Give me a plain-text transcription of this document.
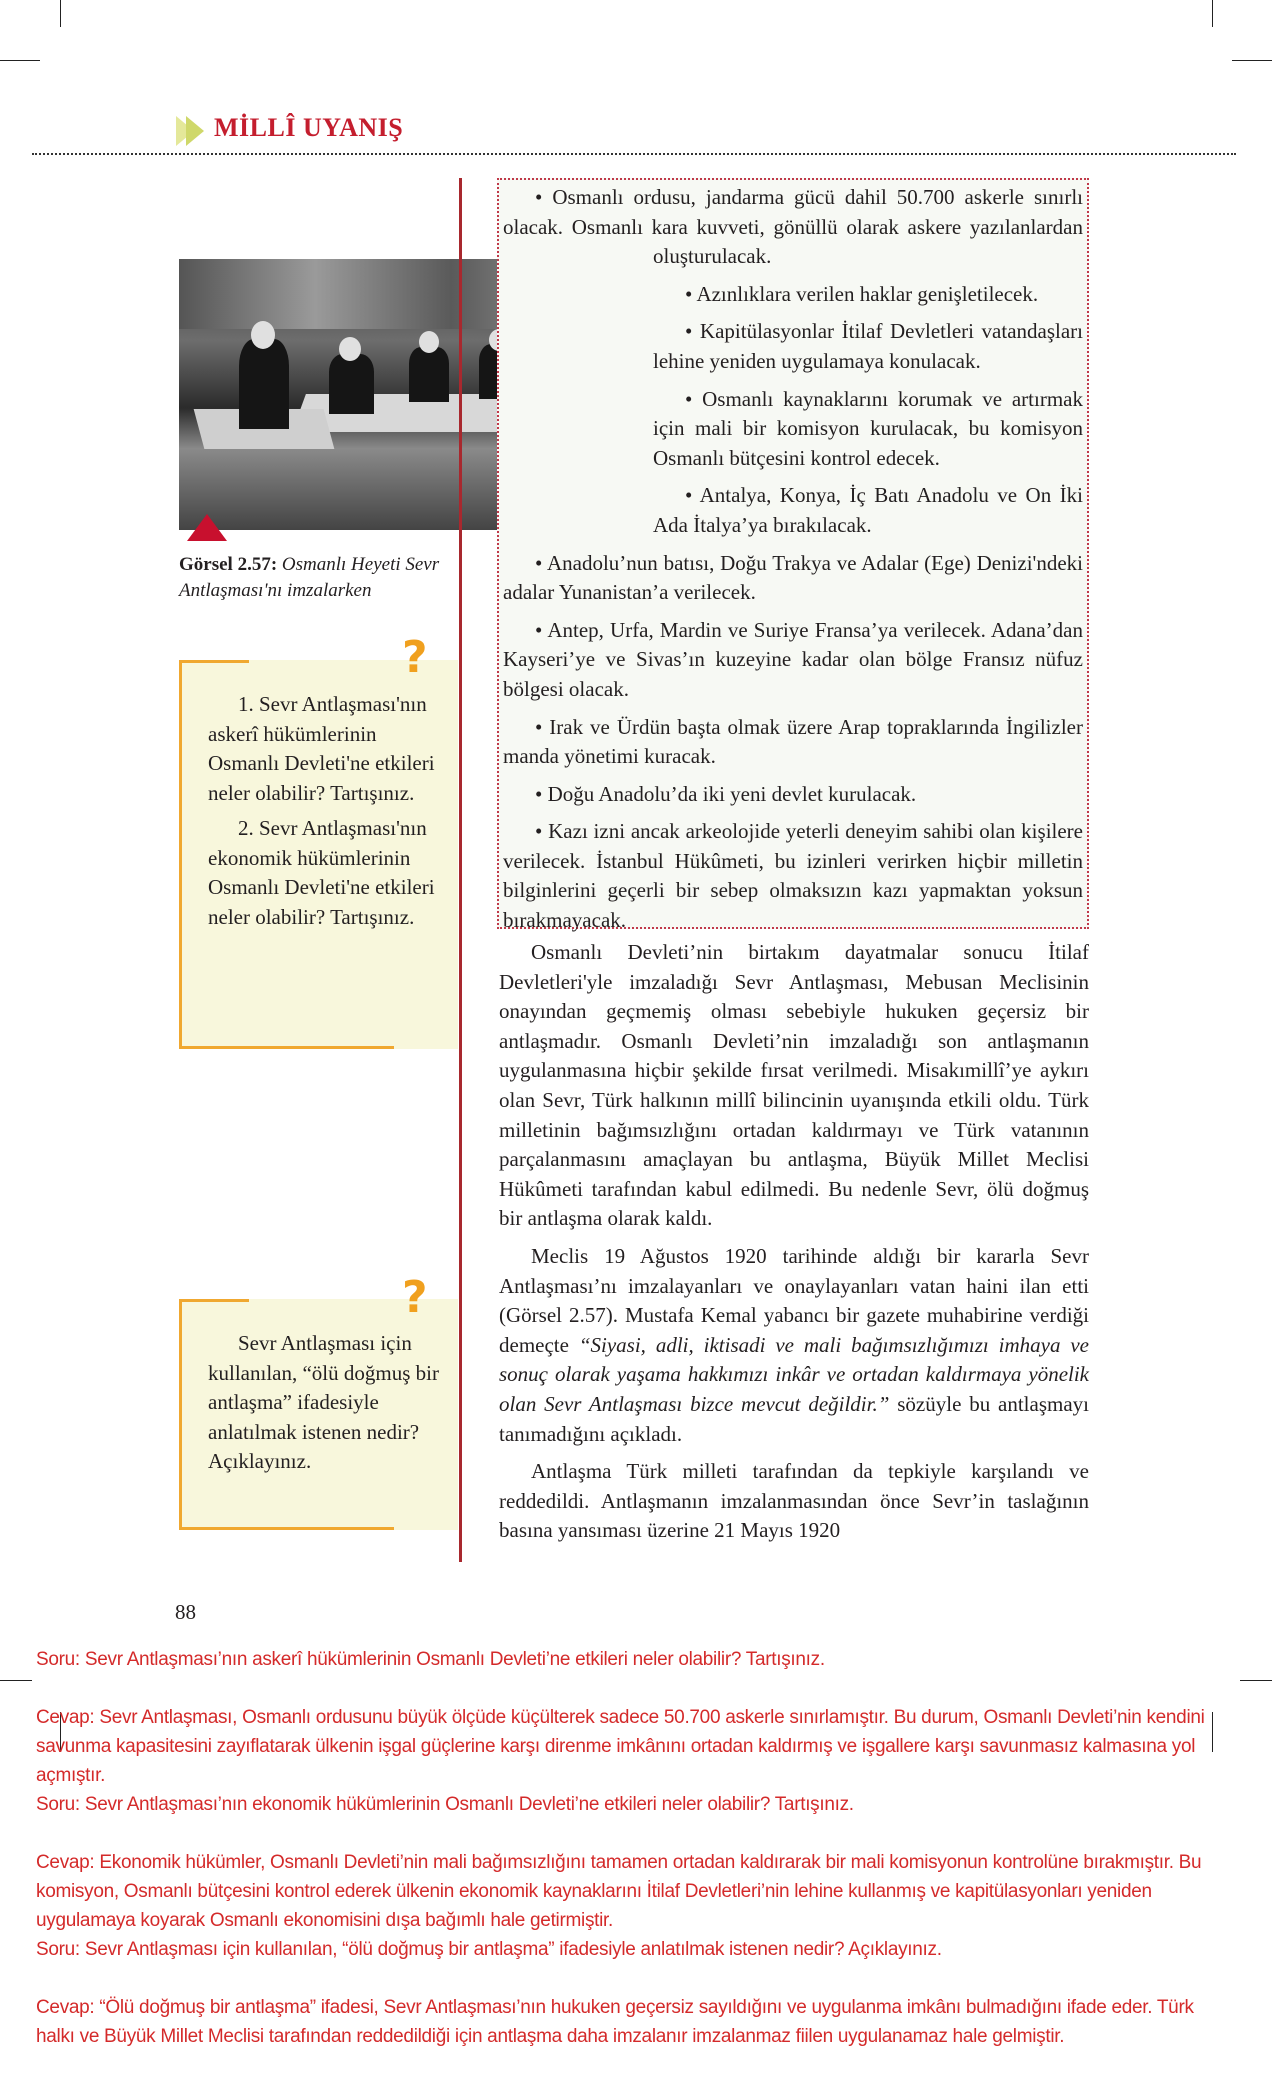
MİLLÎ UYANIŞ
Görsel 2.57: Osmanlı Heyeti Sevr Antlaşması'nı imzalarken

• Osmanlı ordusu, jandarma gücü dahil 50.700 askerle sınırlı olacak. Osmanlı kara kuvveti, gönüllü olarak askere yazılanlardan oluşturulacak.

• Azınlıklara verilen haklar genişletilecek.

• Kapitülasyonlar İtilaf Devletleri vatandaşları lehine yeniden uygulamaya konulacak.

• Osmanlı kaynaklarını korumak ve artırmak için mali bir komisyon kurulacak, bu komisyon Osmanlı bütçesini kontrol edecek.

• Antalya, Konya, İç Batı Anadolu ve On İki Ada İtalya’ya bırakılacak.

• Anadolu’nun batısı, Doğu Trakya ve Adalar (Ege) Denizi'ndeki adalar Yunanistan’a verilecek.

• Antep, Urfa, Mardin ve Suriye Fransa’ya verilecek. Adana’dan Kayseri’ye ve Sivas’ın kuzeyine kadar olan bölge Fransız nüfuz bölgesi olacak.

• Irak ve Ürdün başta olmak üzere Arap topraklarında İngilizler manda yönetimi kuracak.

• Doğu Anadolu’da iki yeni devlet kurulacak.

• Kazı izni ancak arkeolojide yeterli deneyim sahibi olan kişilere verilecek. İstanbul Hükûmeti, bu izinleri verirken hiçbir milletin bilginlerini geçerli bir sebep olmaksızın kazı yapmaktan yoksun bırakmayacak.

Osmanlı Devleti’nin birtakım dayatmalar sonucu İtilaf Devletleri'yle imzaladığı Sevr Antlaşması, Mebusan Meclisinin onayından geçmemiş olması sebebiyle hukuken geçersiz bir antlaşmadır. Osmanlı Devleti’nin imzaladığı son antlaşmanın uygulanmasına hiçbir şekilde fırsat verilmedi. Misakımillî’ye aykırı olan Sevr, Türk halkının millî bilincinin uyanışında etkili oldu. Türk milletinin bağımsızlığını ortadan kaldırmayı ve Türk vatanının parçalanmasını amaçlayan bu antlaşma, Büyük Millet Meclisi Hükûmeti tarafından kabul edilmedi. Bu nedenle Sevr, ölü doğmuş bir antlaşma olarak kaldı.

Meclis 19 Ağustos 1920 tarihinde aldığı bir kararla Sevr Antlaşması’nı imzalayanları ve onaylayanları vatan haini ilan etti (Görsel 2.57). Mustafa Kemal yabancı bir gazete muhabirine verdiği demeçte “Siyasi, adli, iktisadi ve mali bağımsızlığımızı imhaya ve sonuç olarak yaşama hakkımızı inkâr ve ortadan kaldırmaya yönelik olan Sevr Antlaşması bizce mevcut değildir.” sözüyle bu antlaşmayı tanımadığını açıkladı.

Antlaşma Türk milleti tarafından da tepkiyle karşılandı ve reddedildi. Antlaşmanın imzalanmasından önce Sevr’in taslağının basına yansıması üzerine 21 Mayıs 1920

1. Sevr Antlaşması'nın askerî hükümlerinin Osmanlı Devleti'ne etkileri neler olabilir? Tartışınız.

2. Sevr Antlaşması'nın ekonomik hükümlerinin Osmanlı Devleti'ne etkileri neler olabilir? Tartışınız.

?

Sevr Antlaşması için kullanılan, “ölü doğmuş bir antlaşma” ifadesiyle anlatılmak istenen nedir? Açıklayınız.

?
88

Soru: Sevr Antlaşması’nın askerî hükümlerinin Osmanlı Devleti’ne etkileri neler olabilir? Tartışınız.

Cevap: Sevr Antlaşması, Osmanlı ordusunu büyük ölçüde küçülterek sadece 50.700 askerle sınırlamıştır. Bu durum, Osmanlı Devleti’nin kendini savunma kapasitesini zayıflatarak ülkenin işgal güçlerine karşı direnme imkânını ortadan kaldırmış ve işgallere karşı savunmasız kalmasına yol açmıştır.

Soru: Sevr Antlaşması’nın ekonomik hükümlerinin Osmanlı Devleti’ne etkileri neler olabilir? Tartışınız.

Cevap: Ekonomik hükümler, Osmanlı Devleti’nin mali bağımsızlığını tamamen ortadan kaldırarak bir mali komisyonun kontrolüne bırakmıştır. Bu komisyon, Osmanlı bütçesini kontrol ederek ülkenin ekonomik kaynaklarını İtilaf Devletleri’nin lehine kullanmış ve kapitülasyonları yeniden uygulamaya koyarak Osmanlı ekonomisini dışa bağımlı hale getirmiştir.

Soru: Sevr Antlaşması için kullanılan, “ölü doğmuş bir antlaşma” ifadesiyle anlatılmak istenen nedir? Açıklayınız.

Cevap: “Ölü doğmuş bir antlaşma” ifadesi, Sevr Antlaşması’nın hukuken geçersiz sayıldığını ve uygulanma imkânı bulmadığını ifade eder. Türk halkı ve Büyük Millet Meclisi tarafından reddedildiği için antlaşma daha imzalanır imzalanmaz fiilen uygulanamaz hale gelmiştir.
